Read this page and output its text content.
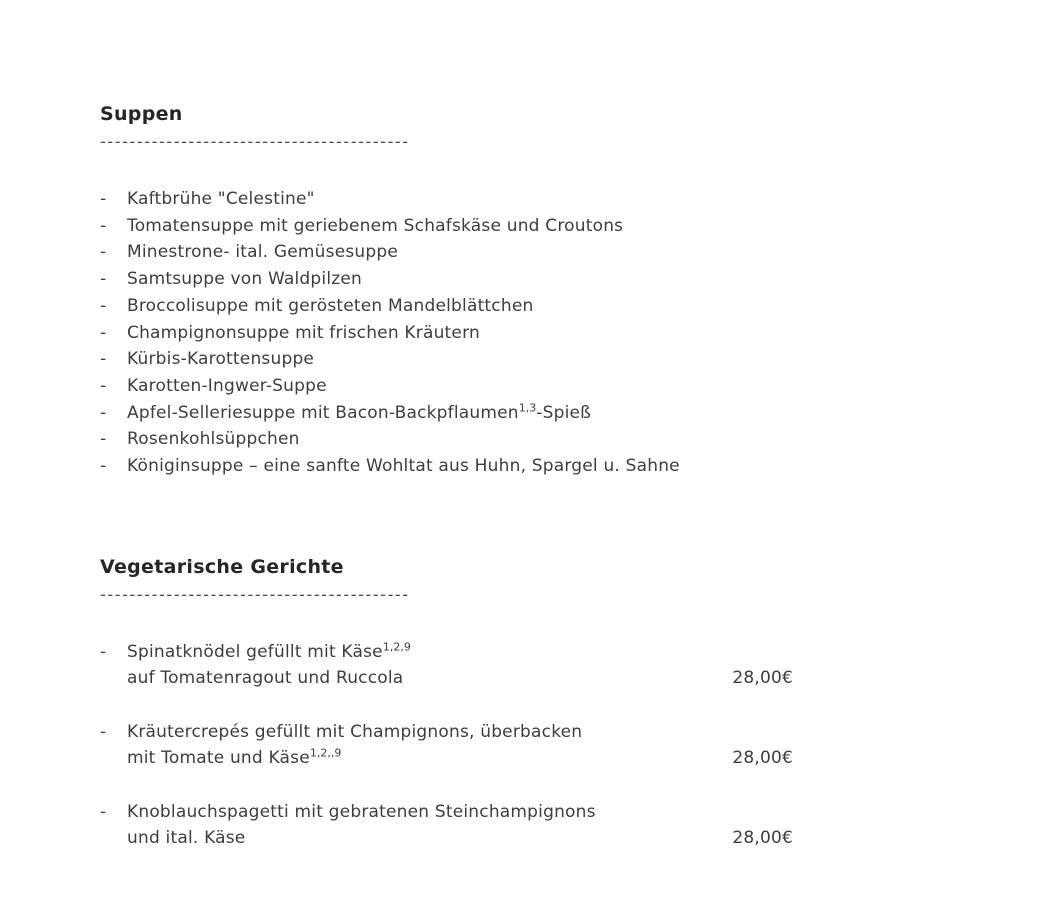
Suppen
------------------------------------------
-	Kaftbrühe "Celestine"
-	Tomatensuppe mit geriebenem Schafskäse und Croutons
-	Minestrone- ital. Gemüsesuppe
-	Samtsuppe von Waldpilzen
-	Broccolisuppe mit gerösteten Mandelblättchen
-	Champignonsuppe mit frischen Kräutern
-	Kürbis-Karottensuppe
-	Karotten-Ingwer-Suppe
-	Apfel-Selleriesuppe mit Bacon-Backpflaumen$^{1,3}$-Spieß
-	Rosenkohlsüppchen
-	Königinsuppe – eine sanfte Wohltat aus Huhn, Spargel u. Sahne
Vegetarische Gerichte
------------------------------------------
-	Spinatknödel gefüllt mit Käse$^{1,2,9}$
auf Tomatenragout und Ruccola	28,00€
-	Kräutercrepés gefüllt mit Champignons, überbacken
mit Tomate und Käse$^{1,2,,9}$	28,00€
-	Knoblauchspagetti mit gebratenen Steinchampignons
und ital. Käse	28,00€
